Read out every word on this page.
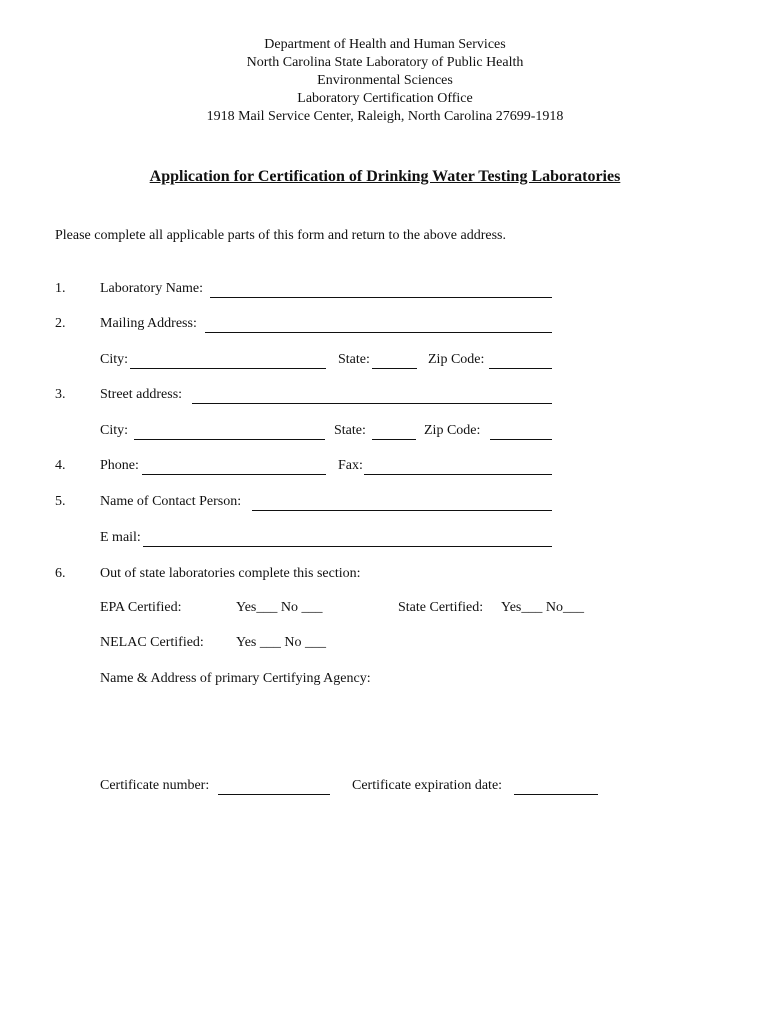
Department of Health and Human Services
North Carolina State Laboratory of Public Health
Environmental Sciences
Laboratory Certification Office
1918 Mail Service Center, Raleigh, North Carolina 27699-1918
Application for Certification of Drinking Water Testing Laboratories
Please complete all applicable parts of this form and return to the above address.
1. Laboratory Name:
2. Mailing Address:
City:	State:	Zip Code:
3. Street address:
City:	State:	Zip Code:
4. Phone:	Fax:
5. Name of Contact Person:
E mail:
6. Out of state laboratories complete this section:
EPA Certified:	Yes___ No ___	State Certified: Yes___ No___
NELAC Certified: Yes ___ No ___
Name & Address of primary Certifying Agency:
Certificate number:	Certificate expiration date:
